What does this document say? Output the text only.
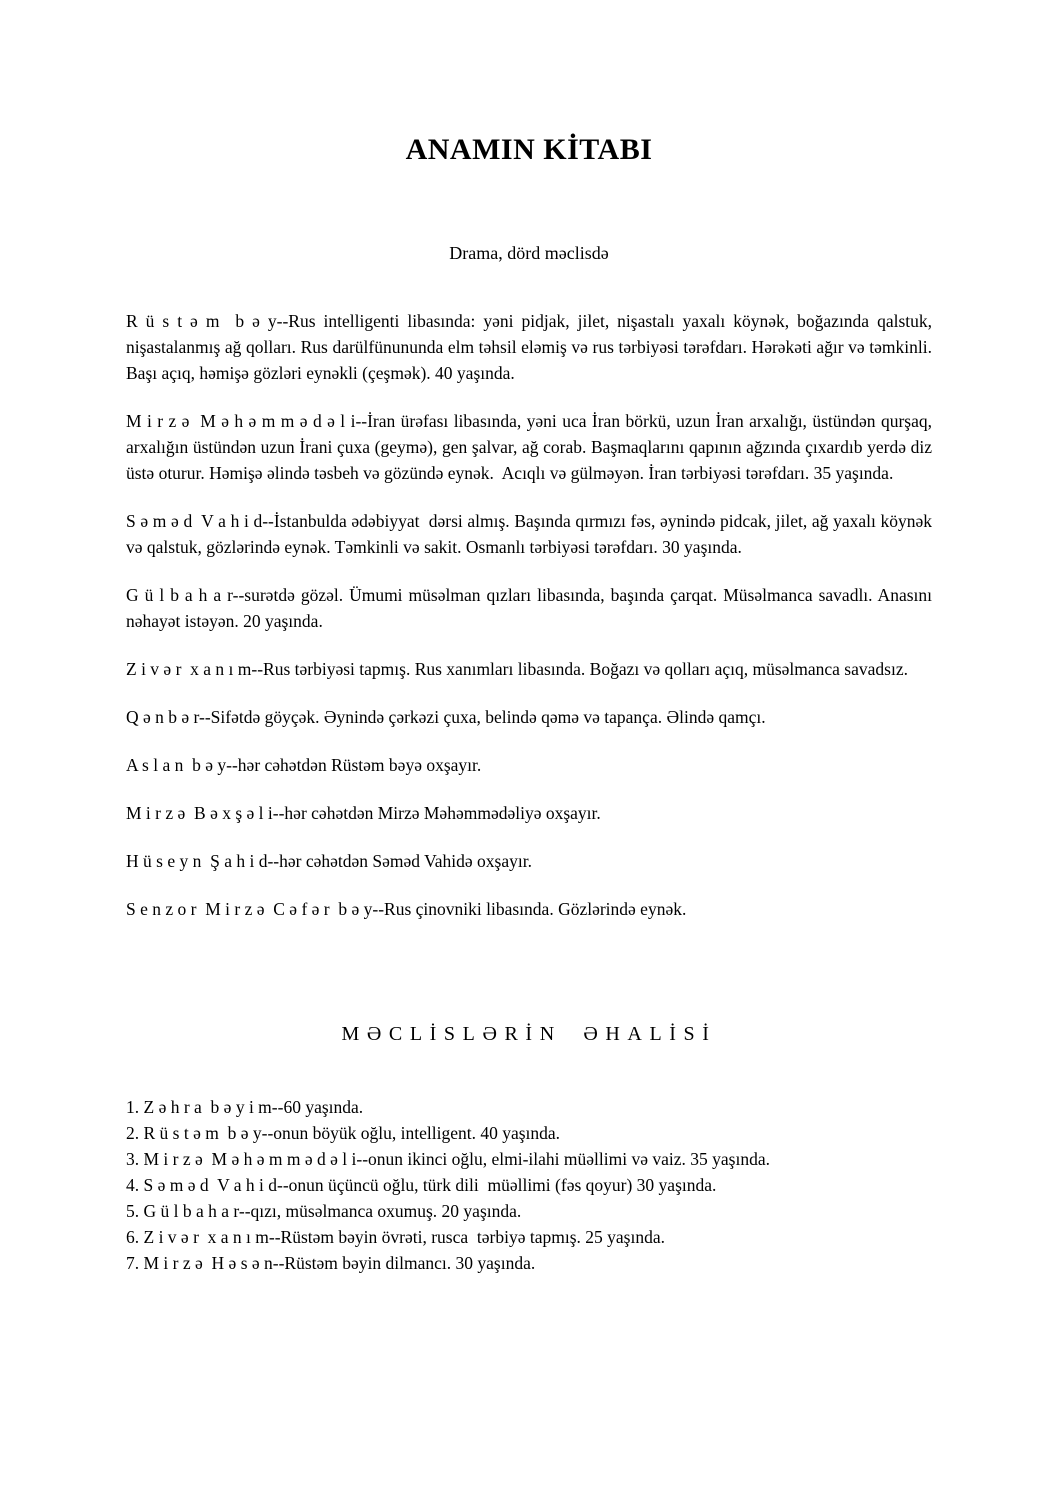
ANAMIN KİTABI
Drama, dörd məclisdə

R ü s t ə m  b ə y--Rus intelligenti libasında: yəni pidjak, jilet, nişastalı yaxalı köynək, boğazında qalstuk, nişastalanmış ağ qolları. Rus darülfünununda elm təhsil eləmiş və rus tərbiyəsi tərəfdarı. Hərəkəti ağır və təmkinli. Başı açıq, həmişə gözləri eynəkli (çeşmək). 40 yaşında.

M i r z ə  M ə h ə m m ə d ə l i--İran ürəfası libasında, yəni uca İran börkü, uzun İran arxalığı, üstündən qurşaq, arxalığın üstündən uzun İrani çuxa (geymə), gen şalvar, ağ corab. Başmaqlarını qapının ağzında çıxardıb yerdə diz üstə oturur. Həmişə əlində təsbeh və gözündə eynək.  Acıqlı və gülməyən. İran tərbiyəsi tərəfdarı. 35 yaşında.

S ə m ə d  V a h i d--İstanbulda ədəbiyyat  dərsi almış. Başında qırmızı fəs, əynində pidcak, jilet, ağ yaxalı köynək və qalstuk, gözlərində eynək. Təmkinli və sakit. Osmanlı tərbiyəsi tərəfdarı. 30 yaşında.

G ü l b a h a r--surətdə gözəl. Ümumi müsəlman qızları libasında, başında çarqat. Müsəlmanca savadlı. Anasını nəhayət istəyən. 20 yaşında.

Z i v ə r  x a n ı m--Rus tərbiyəsi tapmış. Rus xanımları libasında. Boğazı və qolları açıq, müsəlmanca savadsız.

Q ə n b ə r--Sifətdə göyçək. Əynində çərkəzi çuxa, belində qəmə və tapança. Əlində qamçı.

A s l a n  b ə y--hər cəhətdən Rüstəm bəyə oxşayır.

M i r z ə  B ə x ş ə l i--hər cəhətdən Mirzə Məhəmmədəliyə oxşayır.

H ü s e y n  Ş a h i d--hər cəhətdən Səməd Vahidə oxşayır.

S e n z o r  M i r z ə  C ə f ə r  b ə y--Rus çinovniki libasında. Gözlərində eynək.

MƏCLİSLƏRİN ƏHALİSİ
1. Z ə h r a  b ə y i m--60 yaşında.
2. R ü s t ə m  b ə y--onun böyük oğlu, intelligent. 40 yaşında.
3. M i r z ə  M ə h ə m m ə d ə l i--onun ikinci oğlu, elmi-ilahi müəllimi və vaiz. 35 yaşında.
4. S ə m ə d  V a h i d--onun üçüncü oğlu, türk dili  müəllimi (fəs qoyur) 30 yaşında.
5. G ü l b a h a r--qızı, müsəlmanca oxumuş. 20 yaşında.
6. Z i v ə r  x a n ı m--Rüstəm bəyin övrəti, rusca  tərbiyə tapmış. 25 yaşında.
7. M i r z ə  H ə s ə n--Rüstəm bəyin dilmancı. 30 yaşında.
